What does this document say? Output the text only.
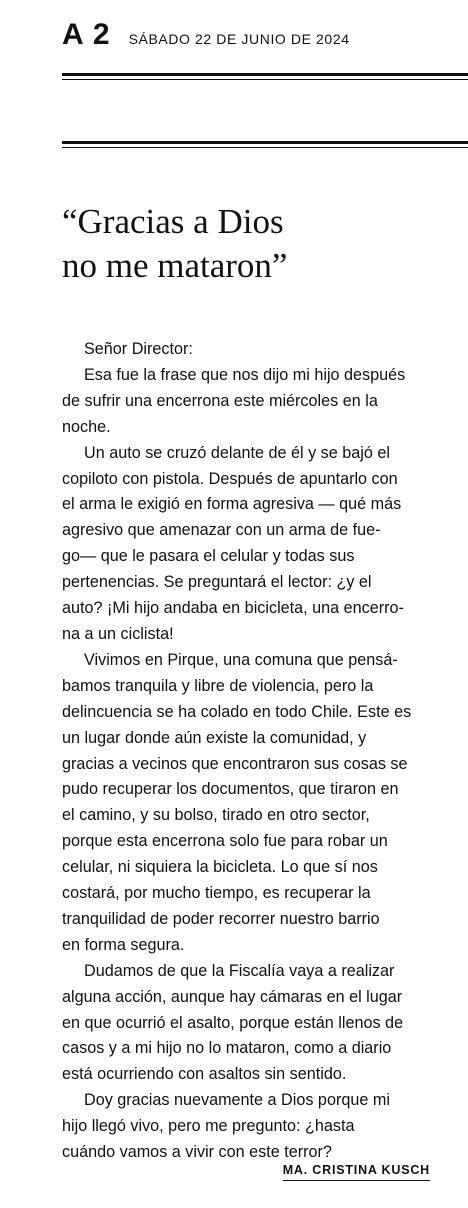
A 2 SÁBADO 22 DE JUNIO DE 2024
“Gracias a Dios
no me mataron”
Señor Director:
Esa fue la frase que nos dijo mi hijo después
de sufrir una encerrona este miércoles en la
noche.
Un auto se cruzó delante de él y se bajó el
copiloto con pistola. Después de apuntarlo con
el arma le exigió en forma agresiva — qué más
agresivo que amenazar con un arma de fue-
go— que le pasara el celular y todas sus
pertenencias. Se preguntará el lector: ¿y el
auto? ¡Mi hijo andaba en bicicleta, una encerro-
na a un ciclista!
Vivimos en Pirque, una comuna que pensá-
bamos tranquila y libre de violencia, pero la
delincuencia se ha colado en todo Chile. Este es
un lugar donde aún existe la comunidad, y
gracias a vecinos que encontraron sus cosas se
pudo recuperar los documentos, que tiraron en
el camino, y su bolso, tirado en otro sector,
porque esta encerrona solo fue para robar un
celular, ni siquiera la bicicleta. Lo que sí nos
costará, por mucho tiempo, es recuperar la
tranquilidad de poder recorrer nuestro barrio
en forma segura.
Dudamos de que la Fiscalía vaya a realizar
alguna acción, aunque hay cámaras en el lugar
en que ocurrió el asalto, porque están llenos de
casos y a mi hijo no lo mataron, como a diario
está ocurriendo con asaltos sin sentido.
Doy gracias nuevamente a Dios porque mi
hijo llegó vivo, pero me pregunto: ¿hasta
cuándo vamos a vivir con este terror?
MA. CRISTINA KUSCH
